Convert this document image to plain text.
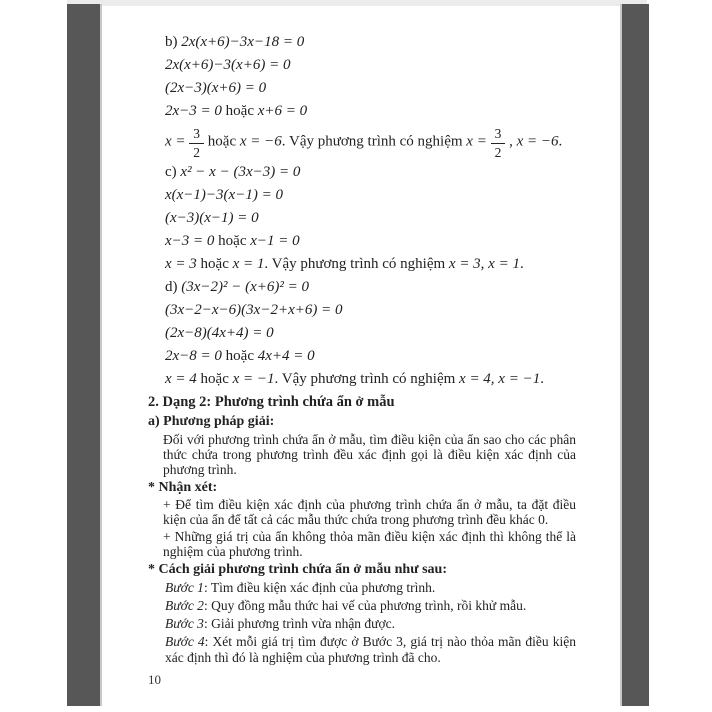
b) 2x(x+6)−3x−18 = 0
2x(x+6)−3(x+6) = 0
(2x−3)(x+6) = 0
2x−3 = 0 hoặc x+6 = 0
$x = \frac{3}{2}$ hoặc x = −6. Vậy phương trình có nghiệm $x = \frac{3}{2}$ , x = −6.
c) x² − x − (3x−3) = 0
x(x−1)−3(x−1) = 0
(x−3)(x−1) = 0
x−3 = 0 hoặc x−1 = 0
x = 3 hoặc x = 1. Vậy phương trình có nghiệm x = 3, x = 1.
d) (3x−2)² − (x+6)² = 0
(3x−2−x−6)(3x−2+x+6) = 0
(2x−8)(4x+4) = 0
2x−8 = 0 hoặc 4x+4 = 0
x = 4 hoặc x = −1. Vậy phương trình có nghiệm x = 4, x = −1.
2. Dạng 2: Phương trình chứa ẩn ở mẫu
a) Phương pháp giải:

Đối với phương trình chứa ẩn ở mẫu, tìm điều kiện của ẩn sao cho các phân thức chứa trong phương trình đều xác định gọi là điều kiện xác định của phương trình.

* Nhận xét:

+ Để tìm điều kiện xác định của phương trình chứa ẩn ở mẫu, ta đặt điều kiện của ẩn để tất cả các mẫu thức chứa trong phương trình đều khác 0.

+ Những giá trị của ẩn không thỏa mãn điều kiện xác định thì không thể là nghiệm của phương trình.

* Cách giải phương trình chứa ẩn ở mẫu như sau:

Bước 1: Tìm điều kiện xác định của phương trình.

Bước 2: Quy đồng mẫu thức hai vế của phương trình, rồi khử mẫu.

Bước 3: Giải phương trình vừa nhận được.

Bước 4: Xét mỗi giá trị tìm được ở Bước 3, giá trị nào thỏa mãn điều kiện xác định thì đó là nghiệm của phương trình đã cho.

10
